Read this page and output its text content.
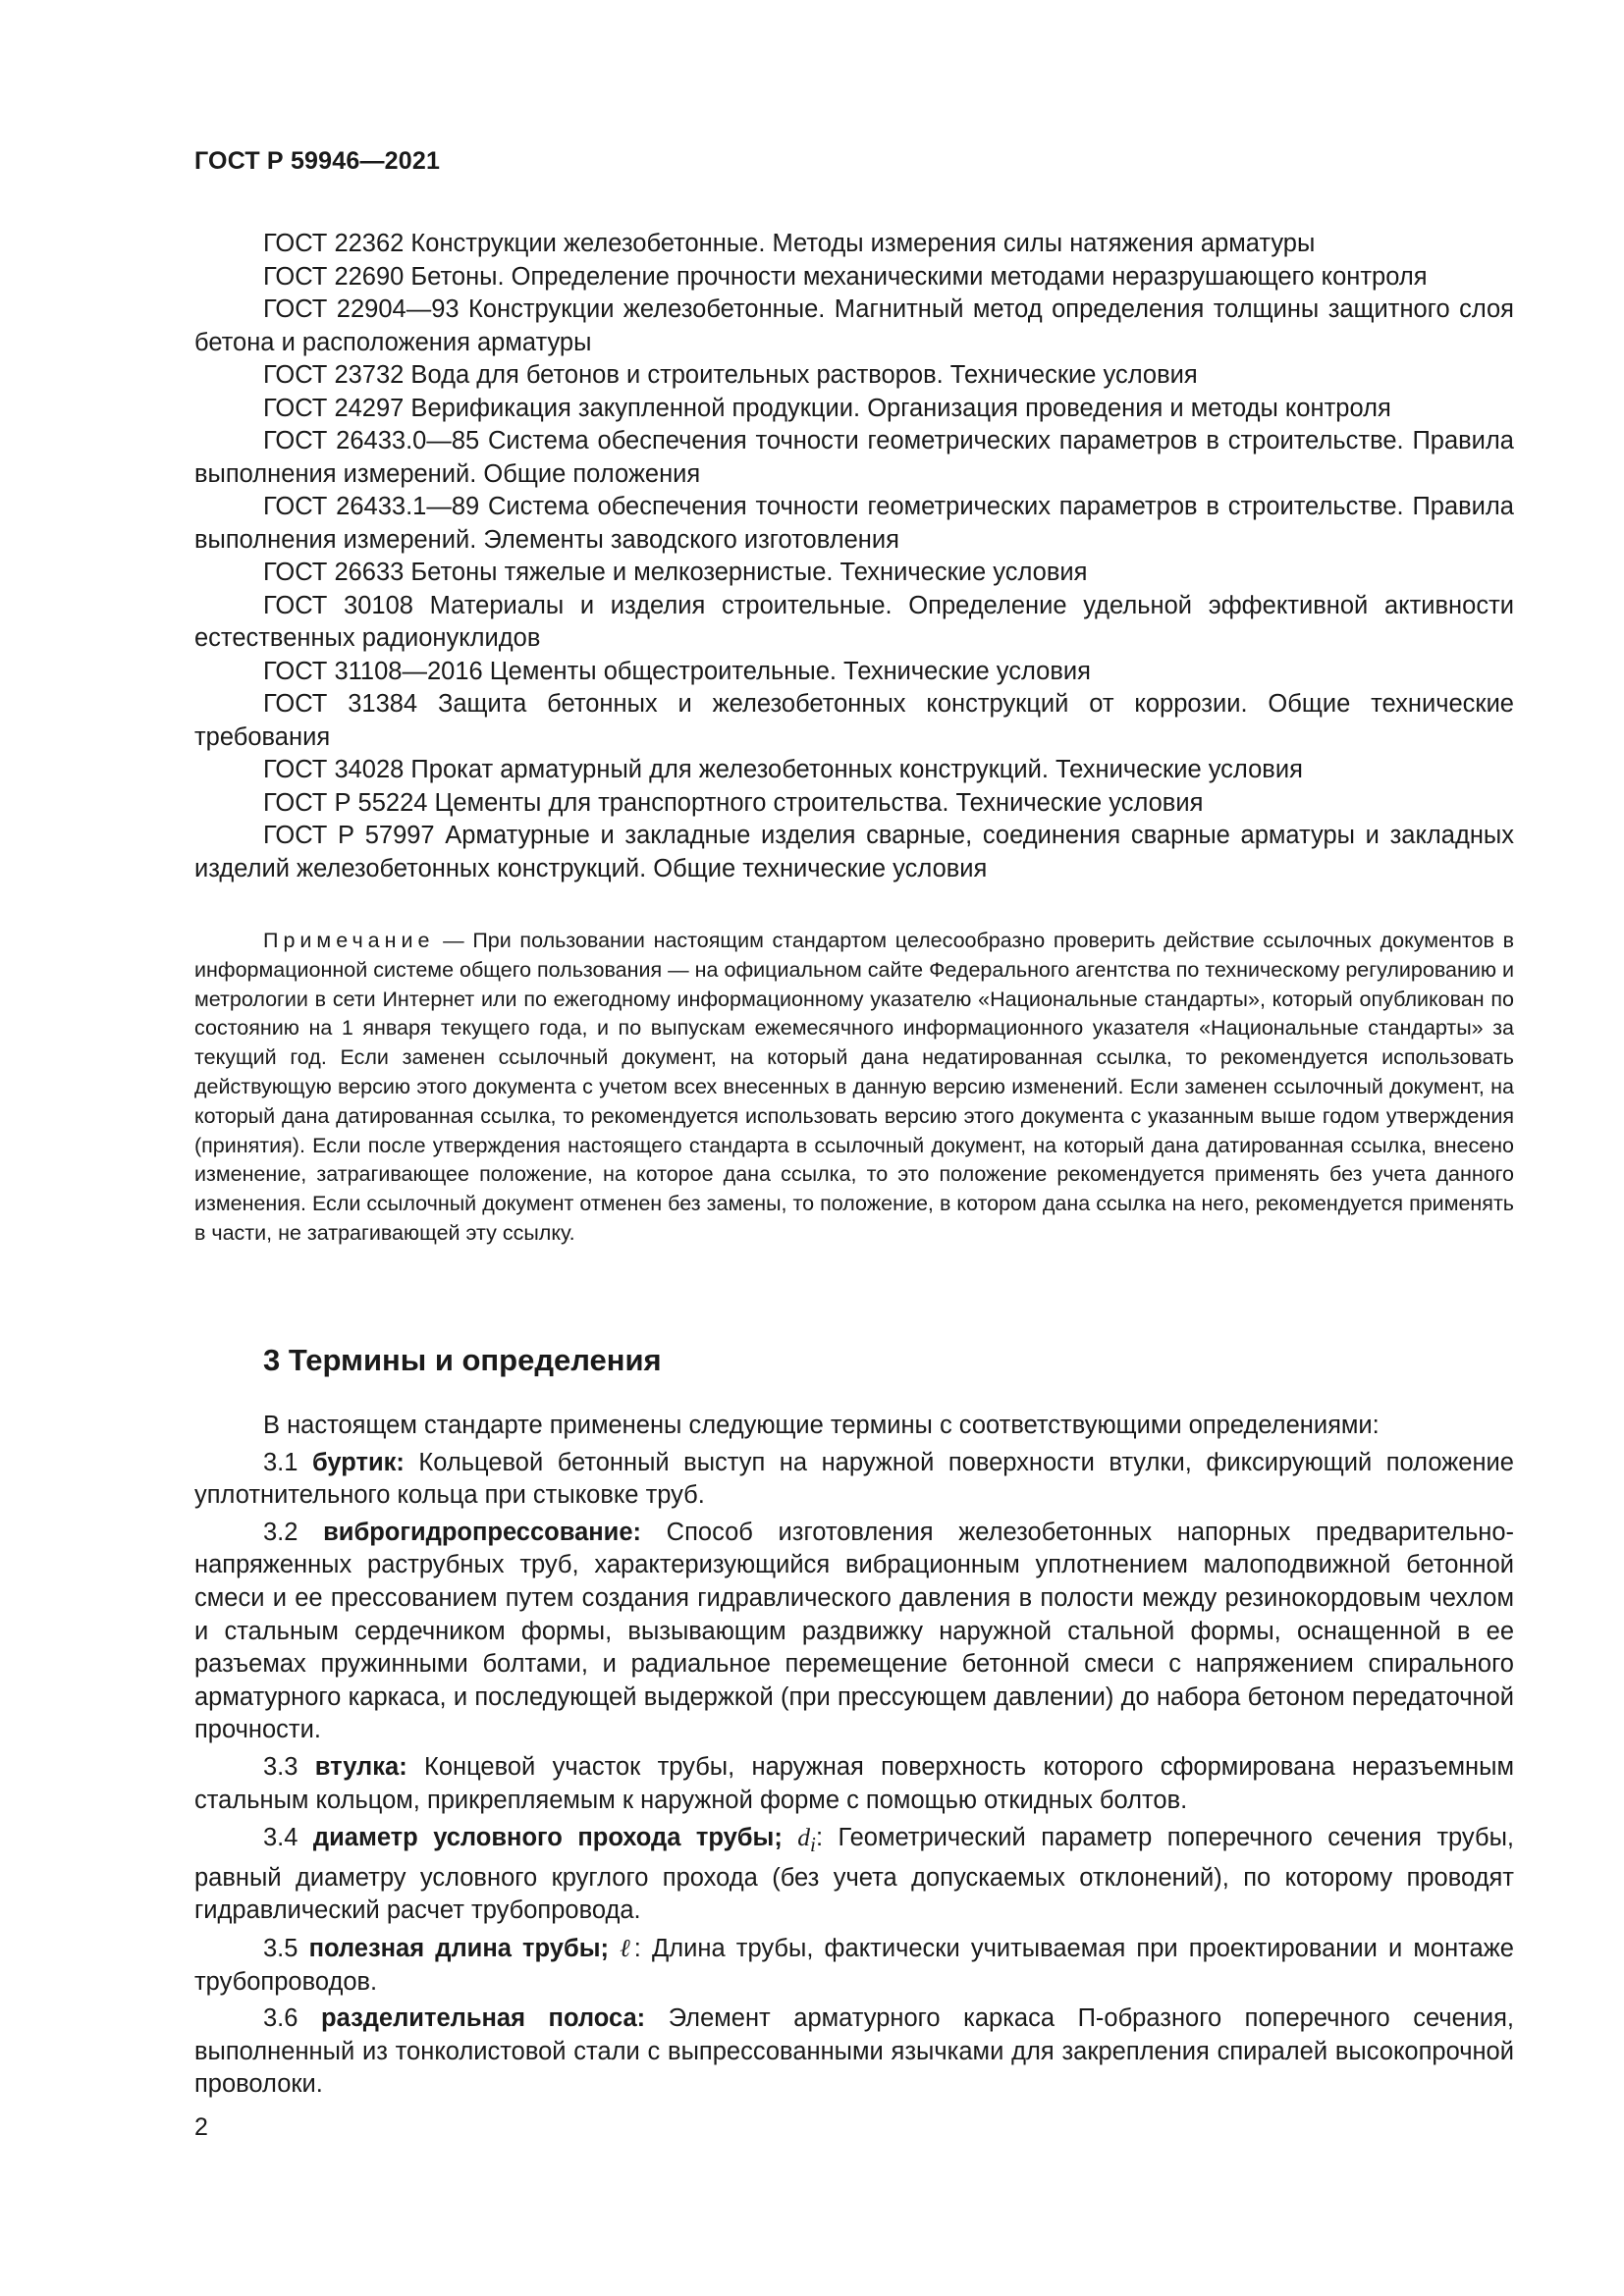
ГОСТ Р 59946—2021

ГОСТ 22362 Конструкции железобетонные. Методы измерения силы натяжения арматуры

ГОСТ 22690 Бетоны. Определение прочности механическими методами неразрушающего контроля

ГОСТ 22904—93 Конструкции железобетонные. Магнитный метод определения толщины защитного слоя бетона и расположения арматуры

ГОСТ 23732 Вода для бетонов и строительных растворов. Технические условия

ГОСТ 24297 Верификация закупленной продукции. Организация проведения и методы контроля

ГОСТ 26433.0—85 Система обеспечения точности геометрических параметров в строительстве. Правила выполнения измерений. Общие положения

ГОСТ 26433.1—89 Система обеспечения точности геометрических параметров в строительстве. Правила выполнения измерений. Элементы заводского изготовления

ГОСТ 26633 Бетоны тяжелые и мелкозернистые. Технические условия

ГОСТ 30108 Материалы и изделия строительные. Определение удельной эффективной активности естественных радионуклидов

ГОСТ 31108—2016 Цементы общестроительные. Технические условия

ГОСТ 31384 Защита бетонных и железобетонных конструкций от коррозии. Общие технические требования

ГОСТ 34028 Прокат арматурный для железобетонных конструкций. Технические условия

ГОСТ Р 55224 Цементы для транспортного строительства. Технические условия

ГОСТ Р 57997 Арматурные и закладные изделия сварные, соединения сварные арматуры и закладных изделий железобетонных конструкций. Общие технические условия

Примечание — При пользовании настоящим стандартом целесообразно проверить действие ссылочных документов в информационной системе общего пользования — на официальном сайте Федерального агентства по техническому регулированию и метрологии в сети Интернет или по ежегодному информационному указателю «Национальные стандарты», который опубликован по состоянию на 1 января текущего года, и по выпускам ежемесячного информационного указателя «Национальные стандарты» за текущий год. Если заменен ссылочный документ, на который дана недатированная ссылка, то рекомендуется использовать действующую версию этого документа с учетом всех внесенных в данную версию изменений. Если заменен ссылочный документ, на который дана датированная ссылка, то рекомендуется использовать версию этого документа с указанным выше годом утверждения (принятия). Если после утверждения настоящего стандарта в ссылочный документ, на который дана датированная ссылка, внесено изменение, затрагивающее положение, на которое дана ссылка, то это положение рекомендуется применять без учета данного изменения. Если ссылочный документ отменен без замены, то положение, в котором дана ссылка на него, рекомендуется применять в части, не затрагивающей эту ссылку.

3 Термины и определения

В настоящем стандарте применены следующие термины с соответствующими определениями:

3.1 буртик: Кольцевой бетонный выступ на наружной поверхности втулки, фиксирующий положение уплотнительного кольца при стыковке труб.

3.2 виброгидропрессование: Способ изготовления железобетонных напорных предварительно-напряженных раструбных труб, характеризующийся вибрационным уплотнением малоподвижной бетонной смеси и ее прессованием путем создания гидравлического давления в полости между резинокордовым чехлом и стальным сердечником формы, вызывающим раздвижку наружной стальной формы, оснащенной в ее разъемах пружинными болтами, и радиальное перемещение бетонной смеси с напряжением спирального арматурного каркаса, и последующей выдержкой (при прессующем давлении) до набора бетоном передаточной прочности.

3.3 втулка: Концевой участок трубы, наружная поверхность которого сформирована неразъемным стальным кольцом, прикрепляемым к наружной форме с помощью откидных болтов.

3.4 диаметр условного прохода трубы; $d_i$: Геометрический параметр поперечного сечения трубы, равный диаметру условного круглого прохода (без учета допускаемых отклонений), по которому проводят гидравлический расчет трубопровода.

3.5 полезная длина трубы; ℓ: Длина трубы, фактически учитываемая при проектировании и монтаже трубопроводов.

3.6 разделительная полоса: Элемент арматурного каркаса П-образного поперечного сечения, выполненный из тонколистовой стали с выпрессованными язычками для закрепления спиралей высокопрочной проволоки.

2
